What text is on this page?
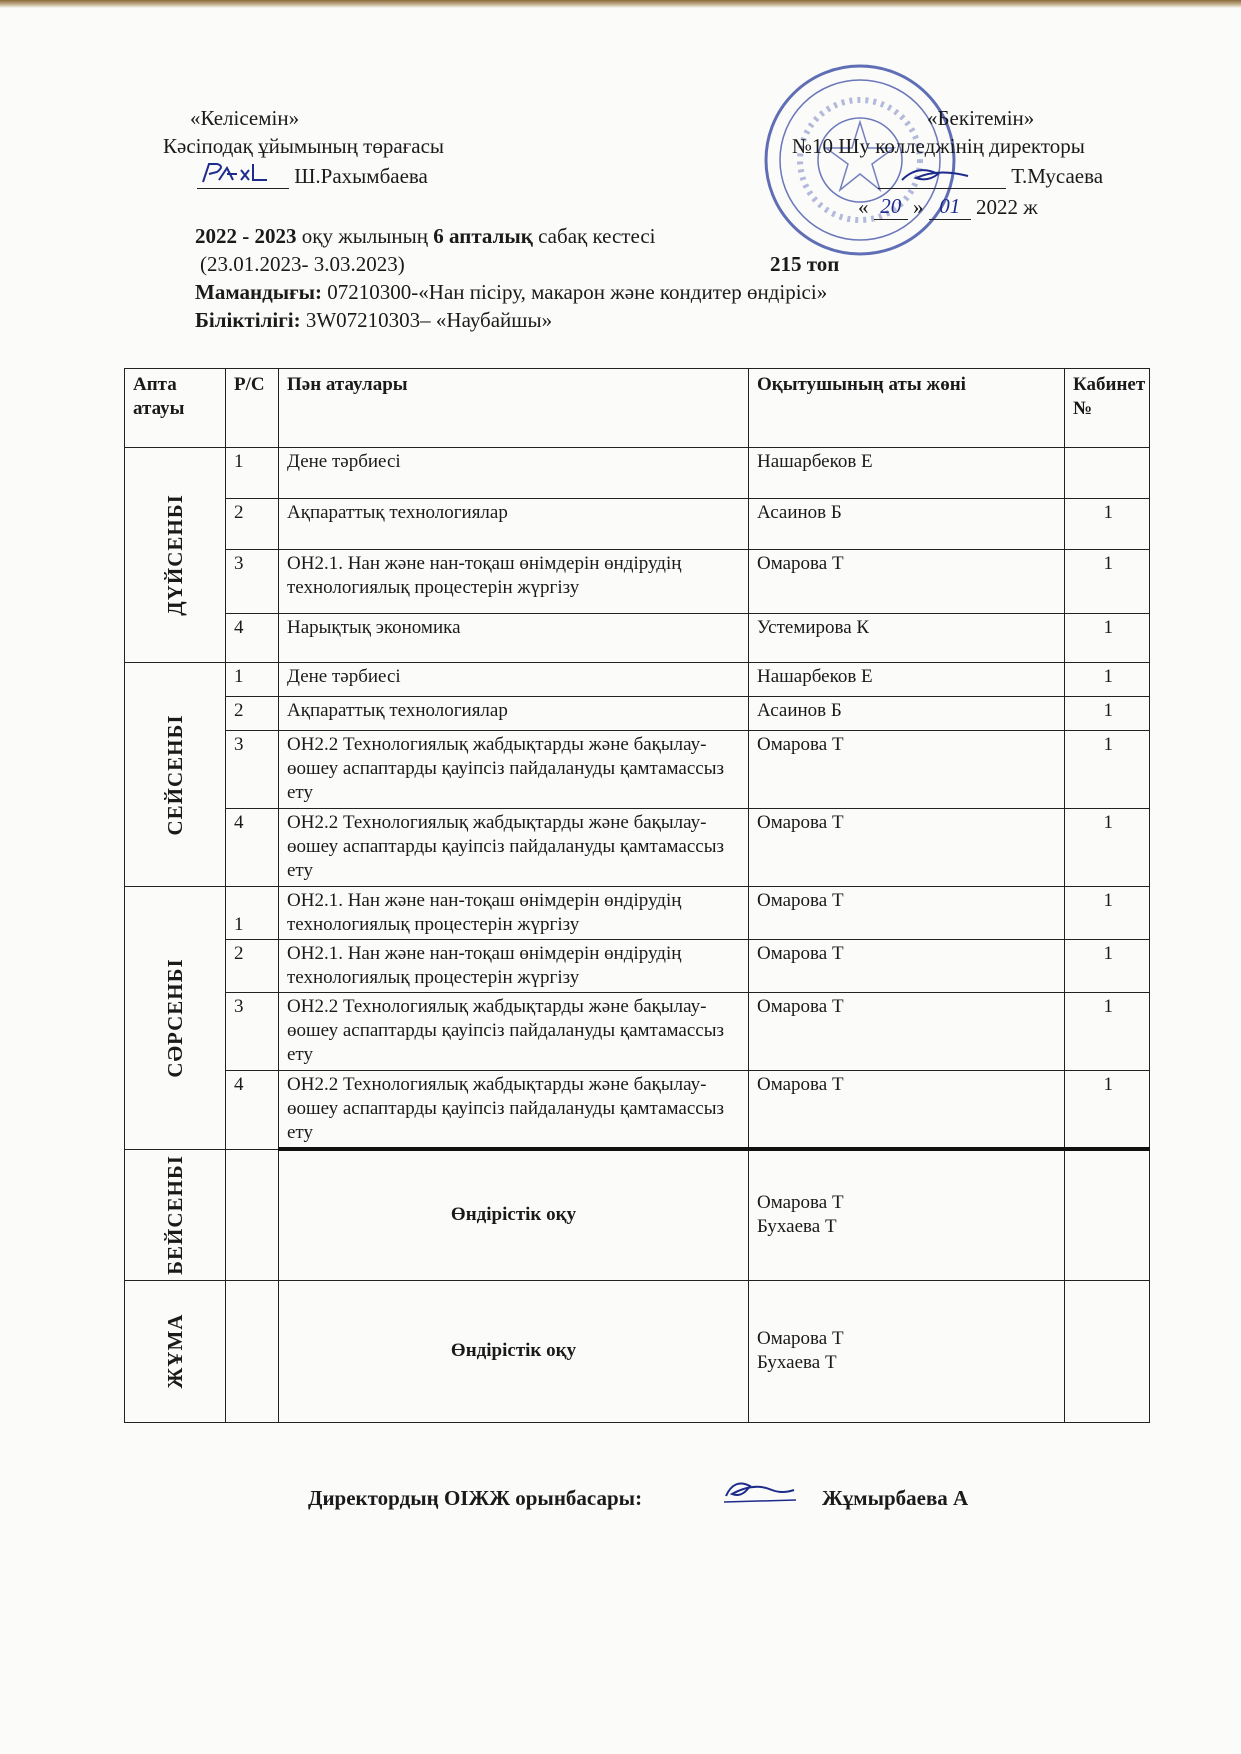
«Келісемін»
Кәсіподақ ұйымының төрағасы
Ш.Рахымбаева
«Бекітемін»
№10 Шу колледжінің директоры
Т.Мусаева
« 20 » 01 2022 ж
2022 - 2023 оқу жылының 6 апталық сабақ кестесі
(23.01.2023- 3.03.2023)	215 топ
Мамандығы: 07210300-«Нан пісіру, макарон және кондитер өндірісі»
Біліктілігі: 3W07210303– «Наубайшы»
Апта атауы	Р/С	Пән атаулары	Оқытушының аты жөні	Кабинет №

ДҮЙСЕНБІ	1	Дене тәрбиесі	Нашарбеков Е	
	2	Ақпараттық технологиялар	Асаинов Б	1
	3	ОН2.1. Нан және нан-тоқаш өнімдерін өндірудің технологиялық процестерін жүргізу	Омарова Т	1
	4	Нарықтық экономика	Устемирова К	1

СЕЙСЕНБІ	1	Дене тәрбиесі	Нашарбеков Е	1
	2	Ақпараттық технологиялар	Асаинов Б	1
	3	ОН2.2 Технологиялық жабдықтарды және бақылау-өошеу аспаптарды қауіпсіз пайдалануды қамтамассыз ету	Омарова Т	1
	4	ОН2.2 Технологиялық жабдықтарды және бақылау-өошеу аспаптарды қауіпсіз пайдалануды қамтамассыз ету	Омарова Т	1

СӘРСЕНБІ	1	ОН2.1. Нан және нан-тоқаш өнімдерін өндірудің технологиялық процестерін жүргізу	Омарова Т	1
	2	ОН2.1. Нан және нан-тоқаш өнімдерін өндірудің технологиялық процестерін жүргізу	Омарова Т	1
	3	ОН2.2 Технологиялық жабдықтарды және бақылау-өошеу аспаптарды қауіпсіз пайдалануды қамтамассыз ету	Омарова Т	1
	4	ОН2.2 Технологиялық жабдықтарды және бақылау-өошеу аспаптарды қауіпсіз пайдалануды қамтамассыз ету	Омарова Т	1

БЕЙСЕНБІ		Өндірістік оқу	Омарова Т
Бухаева Т	

ЖҰМА		Өндірістік оқу	Омарова Т
Бухаева Т	

Директордың ОІЖЖ орынбасары:	Жұмырбаева А
